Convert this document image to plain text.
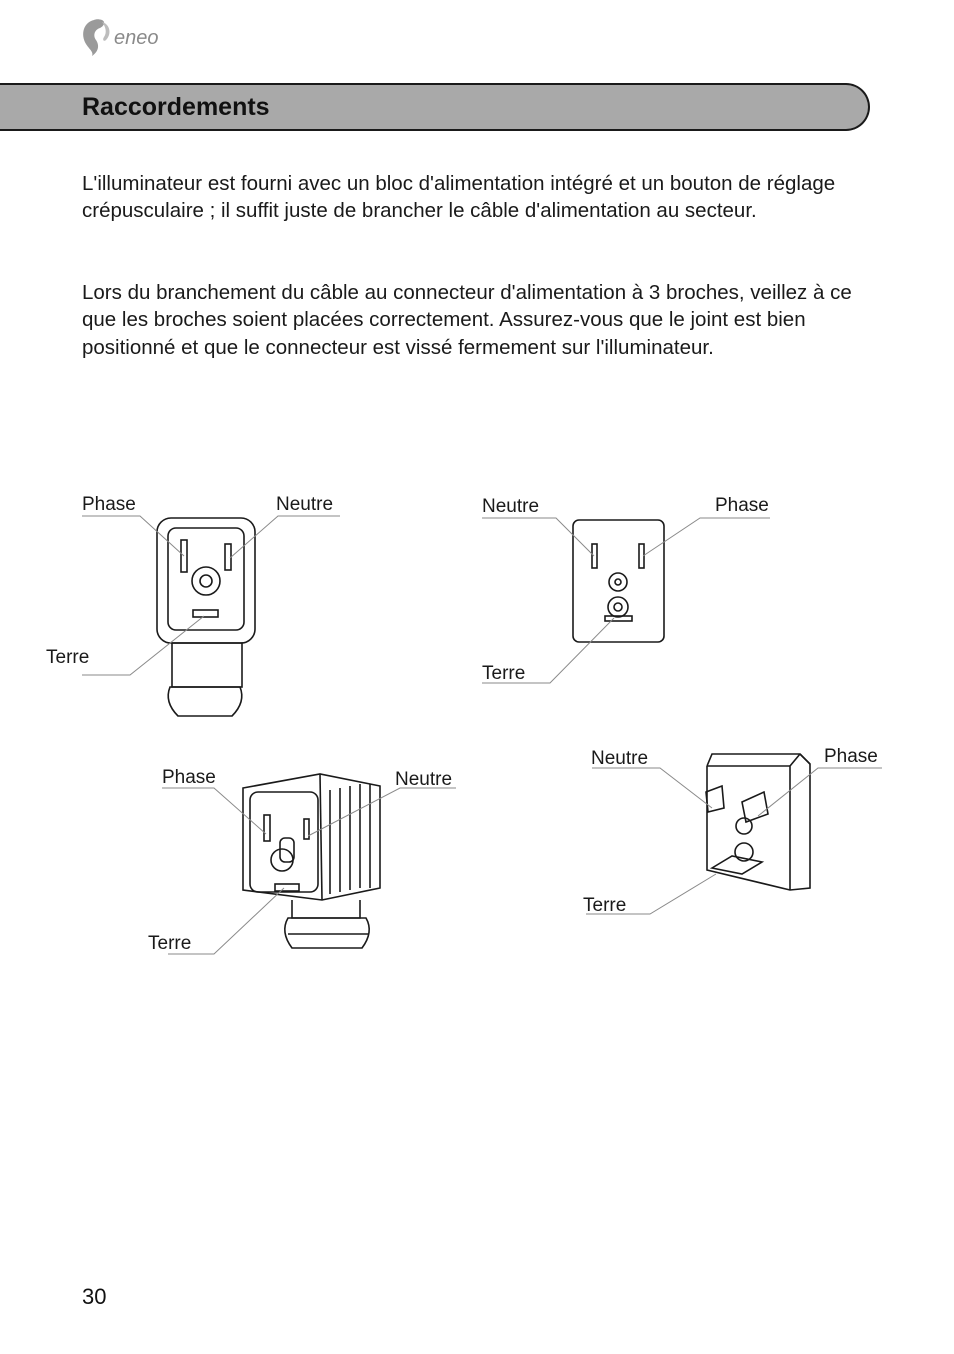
eneo
Raccordements

L'illuminateur est fourni avec un bloc d'alimentation intégré et un bouton de réglage crépusculaire ; il suffit juste de brancher le câble d'alimentation au secteur.

Lors du branchement du câble au connecteur d'alimentation à 3 broches, veillez à ce que les broches soient placées correctement. Assurez-vous que le joint est bien positionné et que le connecteur est vissé fermement sur l'illuminateur.

Phase	Neutre
Terre
Neutre	Phase
Terre
Phase	Neutre
Terre
Neutre	Phase
Terre

30
